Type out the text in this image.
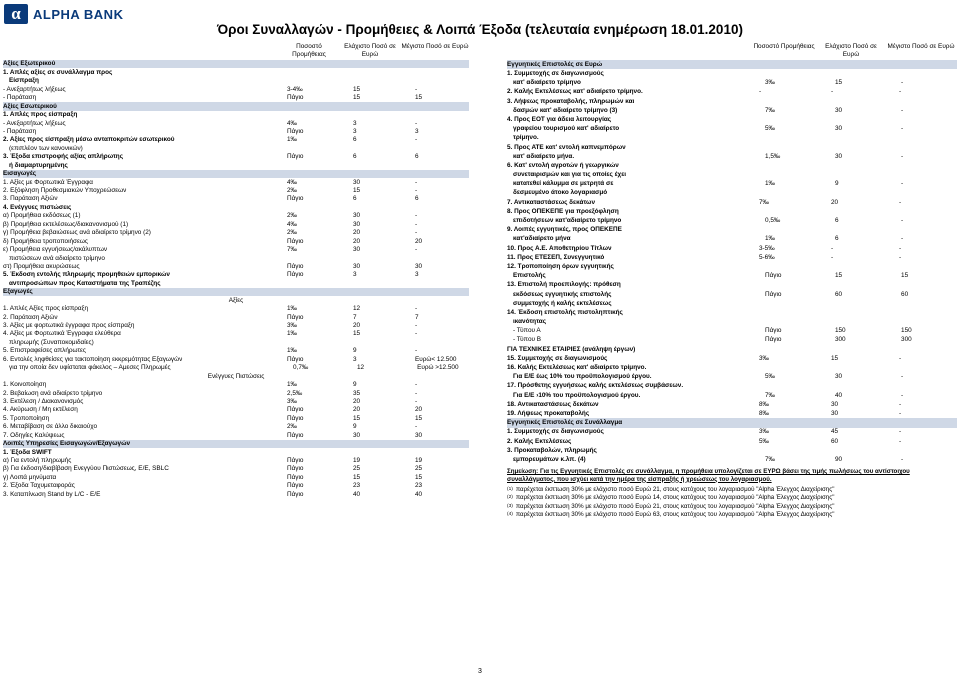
α ALPHA BANK
Όροι Συναλλαγών - Προμήθειες & Λοιπά Έξοδα (τελευταία ενημέρωση 18.01.2010)
Ποσοστό Προμήθειας
Ελάχιστο Ποσό σε Ευρώ
Μέγιστο Ποσό σε Ευρώ
Αξίες Εξωτερικού
1. Απλές αξίες σε συνάλλαγμα προς
Είσπραξη
- Ανεξαρτήτως λήξεως	3-4‰	15	-
- Παράταση	Πάγιο	15	15
Αξίες Εσωτερικού
1. Απλές προς είσπραξη
- Ανεξαρτήτως λήξεως	4‰	3	-
- Παράταση	Πάγιο	3	3
2. Αξίες προς είσπραξη μέσω ανταποκριτών εσωτερικού	1‰	6	-
(επιπλέον των κανονικών)
3. Έξοδα επιστροφής αξίας απλήρωτης	Πάγιο	6	6
ή διαμαρτυρημένης
Εισαγωγές
1. Αξίες με Φορτωτικά Έγγραφα	4‰	30	-
2. Εξόφληση Προθεσμιακών Υποχρεώσεων	2‰	15	-
3. Παράταση Αξιών	Πάγιο	6	6
4. Ενέγγυες πιστώσεις
α) Προμήθεια εκδόσεως (1)	2‰	30	-
β) Προμήθεια εκτελέσεως/διακανονισμού (1)	4‰	30	-
γ) Προμήθεια βεβαιώσεως ανά αδιαίρετο τρίμηνο (2)	2‰	20	-
δ) Προμήθεια τροποποιήσεως	Πάγιο	20	20
ε) Προμήθεια εγγυήσεως/ακάλυπτων	7‰	30	-
πιστώσεων ανά αδιαίρετο τρίμηνο
στ) Προμήθεια ακυρώσεως	Πάγιο	30	30
5. Έκδοση εντολής πληρωμής προμηθειών εμπορικών	Πάγιο	3	3
αντιπροσώπων προς Καταστήματα της Τραπέζης
Εξαγωγές
Αξίες
1. Απλές Αξίες προς είσπραξη	1‰	12	-
2. Παράταση Αξιών	Πάγιο	7	7
3. Αξίες με φορτωτικά έγγραφα προς είσπραξη	3‰	20	-
4. Αξίες με Φορτωτικά Έγγραφα ελεύθερα	1‰	15	-
πληρωμής (Συναποκομιδαίες)
5. Επιστραφείσες απλήρωτες	1‰	9	-
6. Εντολές ληφθείσες για τακτοποίηση εκκρεμότητας Εξαγωγών	Πάγιο	3	Ευρώ< 12.500
για την οποία δεν υφίσταται φάκελος – Αμεσες Πληρωμές	0,7‰	12	Ευρώ >12.500
Ενέγγυες Πιστώσεις
1. Κοινοποίηση	1‰	9	-
2. Βεβαίωση ανά αδιαίρετο τρίμηνο	2,5‰	35	-
3. Εκτέλεση / Διακανονισμός	3‰	20	-
4. Ακύρωση / Μη εκτέλεση	Πάγιο	20	20
5. Τροποποίηση	Πάγιο	15	15
6. Μεταβίβαση σε άλλο δικαιούχο	2‰	9	-
7. Οδηγίες Καλύψεως	Πάγιο	30	30
Λοιπές Υπηρεσίες Εισαγωγών/Εξαγωγών
1. Έξοδα SWIFT
α) Για εντολή πληρωμής	Πάγιο	19	19
β) Για έκδοση/διαβίβαση Ενεγγύου Πιστώσεως, Ε/Ε, SBLC	Πάγιο	25	25
γ) Λοιπά μηνύματα	Πάγιο	15	15
2. Έξοδα Ταχυμεταφοράς	Πάγιο	23	23
3. Καταπίνωση Stand by L/C - E/E	Πάγιο	40	40
Ποσοστό Προμήθειας	Ελάχιστο Ποσό σε Ευρώ
Μέγιστο Ποσό σε Ευρώ
Εγγυητικές Επιστολές σε Ευρώ
1. Συμμετοχής σε διαγωνισμούς
κατ' αδιαίρετο τρίμηνο	3‰	15	-
2. Καλής Εκτελέσεως κατ' αδιαίρετο τρίμηνο.	-	-	-
3. Λήψεως προκαταβολής, πληρωμών και
δασμών κατ' αδιαίρετο τρίμηνο (3)	7‰	30	-
4. Προς ΕΟΤ για άδεια λειτουργίας
γραφείου τουρισμού κατ' αδιαίρετο	5‰	30	-
τρίμηνο.
5. Προς ΑΤΕ κατ' εντολή καπνεμπόρων
κατ' αδιαίρετο μήνα.	1,5‰	30	-
6. Κατ' εντολή αγροτών ή γεωργικών
συνεταιρισμών και για τις οποίες έχει
κατατεθεί κάλυμμα σε μετρητά σε	1‰	9	-
δεσμευμένο άτοκο λογαριασμό
7. Αντικαταστάσεως δεκάτων	7‰	20	-
8. Προς ΟΠΕΚΕΠΕ για προεξόφληση
επιδοτήσεων κατ'αδιαίρετο τρίμηνο	0,5‰	6	-
9. Λοιπές εγγυητικές, προς ΟΠΕΚΕΠΕ
κατ'αδιαίρετο μήνα	1‰	6	-
10. Προς Α.Ε. Αποθετηρίου Τίτλων	3-5‰	-	-
11. Προς ΕΤΕΣΕΠ, Συνεγγυητικό	5-6‰	-	-
12. Τροποποίηση όρων εγγυητικής
Επιστολής	Πάγιο	15	15
13. Επιστολή προεπιλογής: πρόθεση
εκδόσεως εγγυητικής επιστολής	Πάγιο	60	60
συμμετοχής ή καλής εκτελέσεως
14. Έκδοση επιστολής πιστοληπτικής
ικανότητας
- Τύπου Α	Πάγιο	150	150
- Τύπου Β	Πάγιο	300	300
ΓΙΑ ΤΕΧΝΙΚΕΣ ΕΤΑΙΡΙΕΣ (ανάληψη έργων)
15. Συμμετοχής σε διαγωνισμούς	3‰	15	-
16. Καλής Εκτελέσεως κατ' αδιαίρετο τρίμηνο.
Για Ε/Ε έως 10% του προϋπολογισμού έργου.	5‰	30	-
17. Πρόσθετης εγγυήσεως καλής εκτελέσεως συμβάσεων.
Για Ε/Ε ›10% του προϋπολογισμού έργου.	7‰	40	-
18. Αντικαταστάσεως δεκάτων	8‰	30	-
19. Λήψεως προκαταβολής	8‰	30	-
Εγγυητικές Επιστολές σε Συνάλλαγμα
1. Συμμετοχής σε διαγωνισμούς	3‰	45	-
2. Καλής Εκτελέσεως	5‰	60	-
3. Προκαταβολών, πληρωμής
εμπορευμάτων κ.λπ. (4)	7‰	90	-
Σημείωση: Για τις Εγγυητικές Επιστολές σε συνάλλαγμα, η προμήθεια υπολογίζεται σε ΕΥΡΩ βάσει της τιμής πωλήσεως του αντίστοιχου συναλλάγματος, που ισχύει κατά την ημέρα της είσπραξής ή χρεώσεως του λογαριασμού.
(1) παρέχεται έκπτωση 30% με ελάχιστο ποσό Ευρώ 21, στους κατόχους του λογαριασμού "Alpha Έλεγχος Διαχείρισης"
(2) παρέχεται έκπτωση 30% με ελάχιστο ποσό Ευρώ 14, στους κατόχους του λογαριασμού "Alpha Έλεγχος Διαχείρισης"
(3) παρέχεται έκπτωση 30% με ελάχιστο ποσό Ευρώ 21, στους κατόχους του λογαριασμού "Alpha Έλεγχος Διαχείρισης"
(4) παρέχεται έκπτωση 30% με ελάχιστο ποσό Ευρώ 63, στους κατόχους του λογαριασμού "Alpha Έλεγχος Διαχείρισης"
3
